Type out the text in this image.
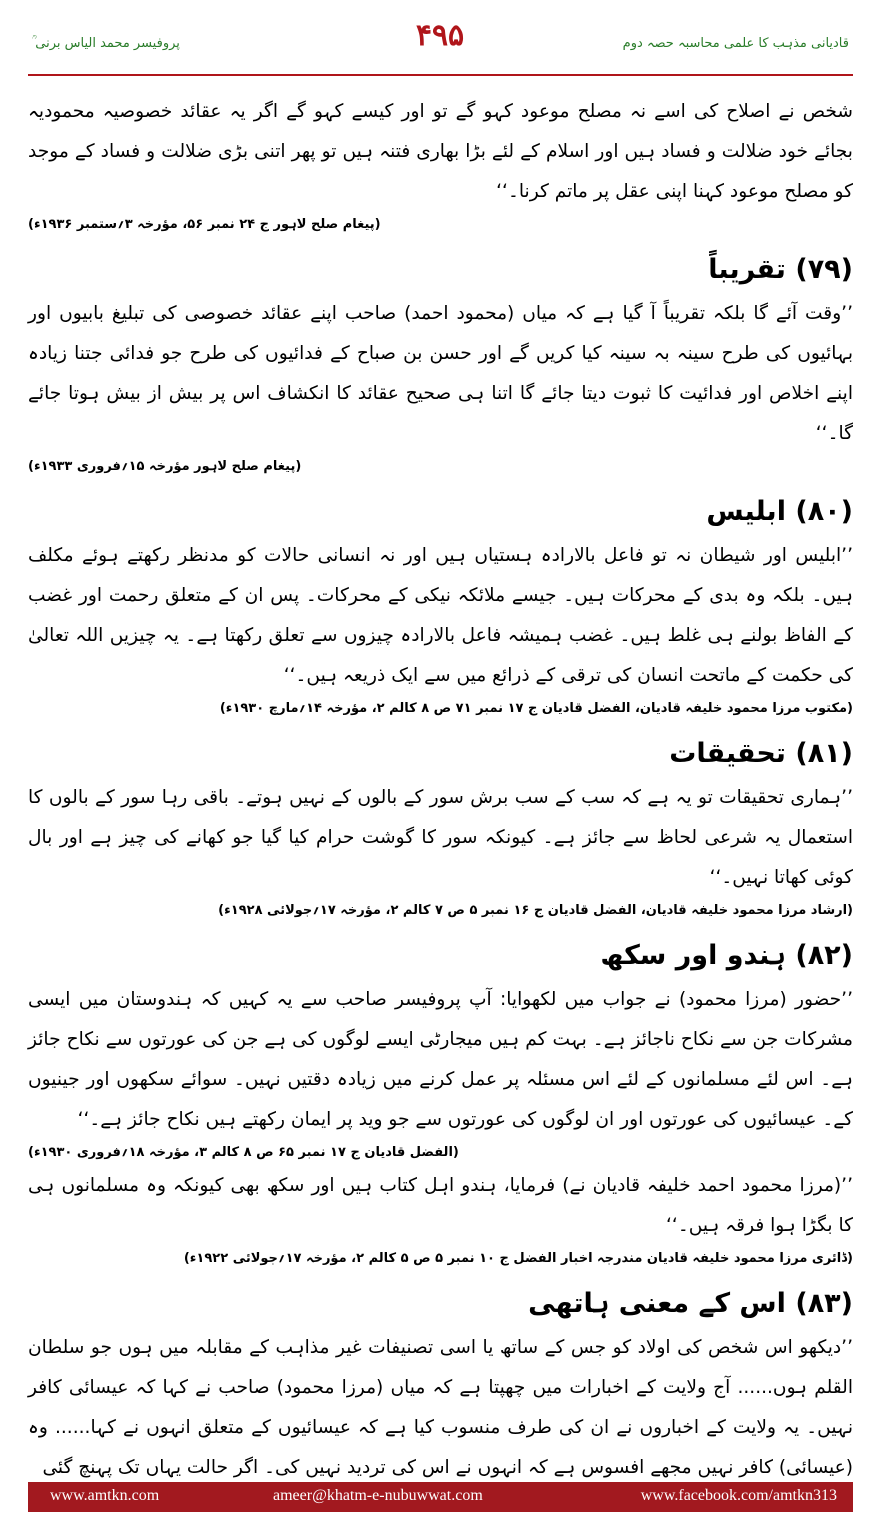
پروفیسر محمد الیاس برنی ؒ	۴۹۵	قادیانی مذہب کا علمی محاسبہ حصہ دوم

شخص نے اصلاح کی اسے نہ مصلح موعود کہو گے تو اور کیسے کہو گے اگر یہ عقائد خصوصیہ محمودیہ بجائے خود ضلالت و فساد ہیں اور اسلام کے لئے بڑا بھاری فتنہ ہیں تو پھر اتنی بڑی ضلالت و فساد کے موجد کو مصلح موعود کہنا اپنی عقل پر ماتم کرنا۔‘‘

(پیغام صلح لاہور ج ۲۴ نمبر ۵۶، مؤرخہ ۳؍ستمبر ۱۹۳۶ء)

(۷۹) تقریباً

’’وقت آئے گا بلکہ تقریباً آ گیا ہے کہ میاں (محمود احمد) صاحب اپنے عقائد خصوصی کی تبلیغ بابیوں اور بہائیوں کی طرح سینہ بہ سینہ کیا کریں گے اور حسن بن صباح کے فدائیوں کی طرح جو فدائی جتنا زیادہ اپنے اخلاص اور فدائیت کا ثبوت دیتا جائے گا اتنا ہی صحیح عقائد کا انکشاف اس پر بیش از بیش ہوتا جائے گا۔‘‘

(پیغام صلح لاہور مؤرخہ ۱۵؍فروری ۱۹۳۳ء)

(۸۰) ابلیس

’’ابلیس اور شیطان نہ تو فاعل بالارادہ ہستیاں ہیں اور نہ انسانی حالات کو مدنظر رکھتے ہوئے مکلف ہیں۔ بلکہ وہ بدی کے محرکات ہیں۔ جیسے ملائکہ نیکی کے محرکات۔ پس ان کے متعلق رحمت اور غضب کے الفاظ بولنے ہی غلط ہیں۔ غضب ہمیشہ فاعل بالارادہ چیزوں سے تعلق رکھتا ہے۔ یہ چیزیں اللہ تعالیٰ کی حکمت کے ماتحت انسان کی ترقی کے ذرائع میں سے ایک ذریعہ ہیں۔‘‘

(مکتوب مرزا محمود خلیفہ قادیان، الفضل قادیان ج ۱۷ نمبر ۷۱ ص ۸ کالم ۲، مؤرخہ ۱۴؍مارچ ۱۹۳۰ء)

(۸۱) تحقیقات

’’ہماری تحقیقات تو یہ ہے کہ سب کے سب برش سور کے بالوں کے نہیں ہوتے۔ باقی رہا سور کے بالوں کا استعمال یہ شرعی لحاظ سے جائز ہے۔ کیونکہ سور کا گوشت حرام کیا گیا جو کھانے کی چیز ہے اور بال کوئی کھاتا نہیں۔‘‘

(ارشاد مرزا محمود خلیفہ قادیان، الفضل قادیان ج ۱۶ نمبر ۵ ص ۷ کالم ۲، مؤرخہ ۱۷؍جولائی ۱۹۲۸ء)

(۸۲) ہندو اور سکھ

’’حضور (مرزا محمود) نے جواب میں لکھوایا: آپ پروفیسر صاحب سے یہ کہیں کہ ہندوستان میں ایسی مشرکات جن سے نکاح ناجائز ہے۔ بہت کم ہیں میجارٹی ایسے لوگوں کی ہے جن کی عورتوں سے نکاح جائز ہے۔ اس لئے مسلمانوں کے لئے اس مسئلہ پر عمل کرنے میں زیادہ دقتیں نہیں۔ سوائے سکھوں اور جینیوں کے۔ عیسائیوں کی عورتوں اور ان لوگوں کی عورتوں سے جو وید پر ایمان رکھتے ہیں نکاح جائز ہے۔‘‘

(الفضل قادیان ج ۱۷ نمبر ۶۵ ص ۸ کالم ۳، مؤرخہ ۱۸؍فروری ۱۹۳۰ء)

’’(مرزا محمود احمد خلیفہ قادیان نے) فرمایا، ہندو اہل کتاب ہیں اور سکھ بھی کیونکہ وہ مسلمانوں ہی کا بگڑا ہوا فرقہ ہیں۔‘‘

(ڈائری مرزا محمود خلیفہ قادیان مندرجہ اخبار الفضل ج ۱۰ نمبر ۵ ص ۵ کالم ۲، مؤرخہ ۱۷؍جولائی ۱۹۲۲ء)

(۸۳) اس کے معنی ہاتھی

’’دیکھو اس شخص کی اولاد کو جس کے ساتھ یا اسی تصنیفات غیر مذاہب کے مقابلہ میں ہوں جو سلطان القلم ہوں...... آج ولایت کے اخبارات میں چھپتا ہے کہ میاں (مرزا محمود) صاحب نے کہا کہ عیسائی کافر نہیں۔ یہ ولایت کے اخباروں نے ان کی طرف منسوب کیا ہے کہ عیسائیوں کے متعلق انہوں نے کہا...... وہ (عیسائی) کافر نہیں مجھے افسوس ہے کہ انہوں نے اس کی تردید نہیں کی۔ اگر حالت یہاں تک پہنچ گئی

www.amtkn.com	ameer@khatm-e-nubuwwat.com	www.facebook.com/amtkn313
